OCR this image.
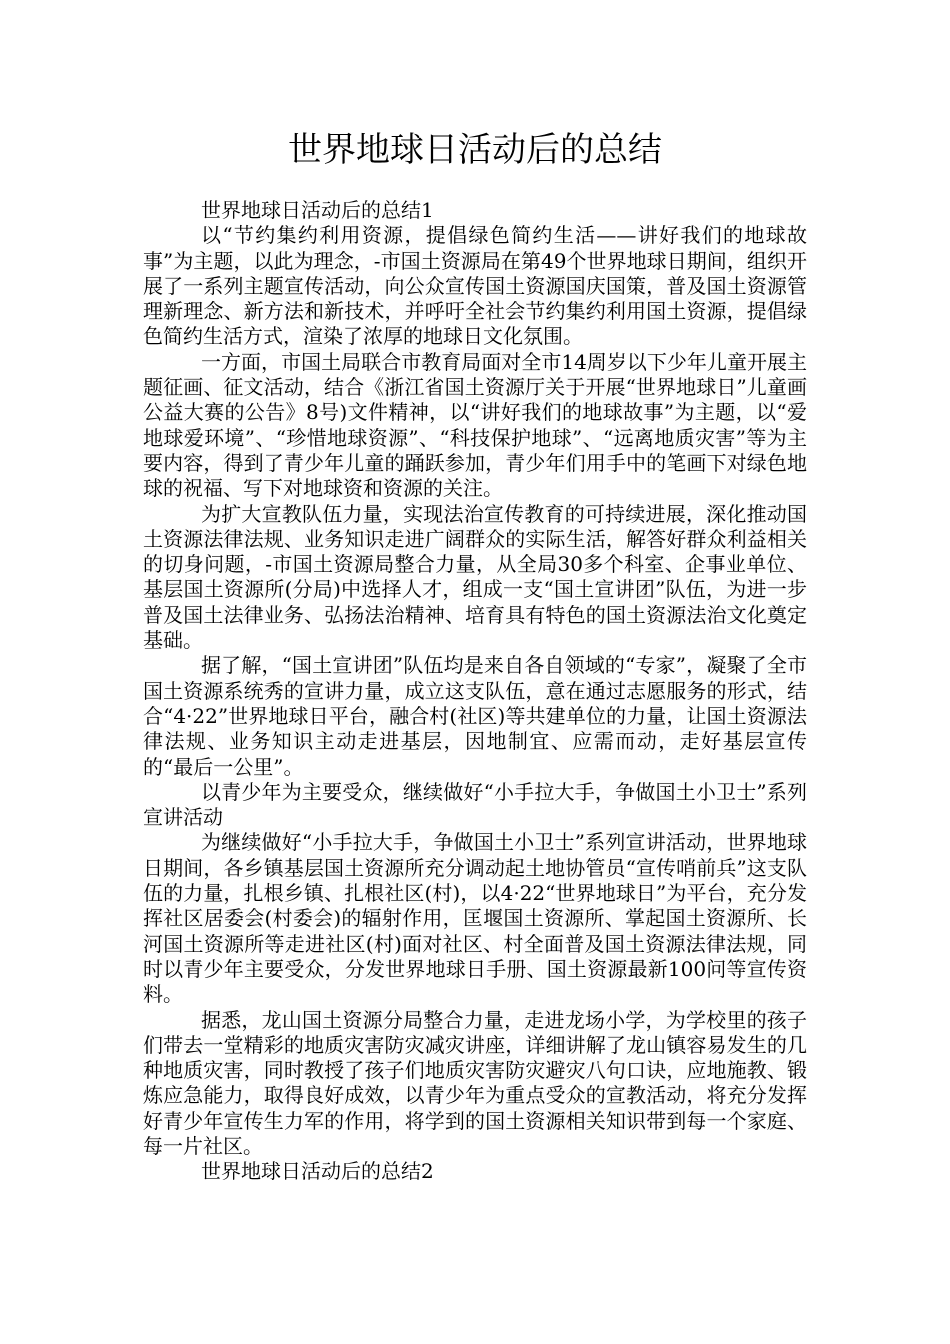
世界地球日活动后的总结

世界地球日活动后的总结1

以“节约集约利用资源，提倡绿色简约生活——讲好我们的地球故事”为主题，以此为理念，-市国土资源局在第49个世界地球日期间，组织开展了一系列主题宣传活动，向公众宣传国土资源国庆国策，普及国土资源管理新理念、新方法和新技术，并呼吁全社会节约集约利用国土资源，提倡绿色简约生活方式，渲染了浓厚的地球日文化氛围。

一方面，市国土局联合市教育局面对全市14周岁以下少年儿童开展主题征画、征文活动，结合《浙江省国土资源厅关于开展“世界地球日”儿童画公益大赛的公告》8号)文件精神，以“讲好我们的地球故事”为主题，以“爱地球爱环境”、“珍惜地球资源”、“科技保护地球”、“远离地质灾害”等为主要内容，得到了青少年儿童的踊跃参加，青少年们用手中的笔画下对绿色地球的祝福、写下对地球资和资源的关注。

为扩大宣教队伍力量，实现法治宣传教育的可持续进展，深化推动国土资源法律法规、业务知识走进广阔群众的实际生活，解答好群众利益相关的切身问题，-市国土资源局整合力量，从全局30多个科室、企事业单位、基层国土资源所(分局)中选择人才，组成一支“国土宣讲团”队伍，为进一步普及国土法律业务、弘扬法治精神、培育具有特色的国土资源法治文化奠定基础。

据了解，“国土宣讲团”队伍均是来自各自领域的“专家”，凝聚了全市国土资源系统秀的宣讲力量，成立这支队伍，意在通过志愿服务的形式，结合“4·22”世界地球日平台，融合村(社区)等共建单位的力量，让国土资源法律法规、业务知识主动走进基层，因地制宜、应需而动，走好基层宣传的“最后一公里”。

以青少年为主要受众，继续做好“小手拉大手，争做国土小卫士”系列宣讲活动

为继续做好“小手拉大手，争做国土小卫士”系列宣讲活动，世界地球日期间，各乡镇基层国土资源所充分调动起土地协管员“宣传哨前兵”这支队伍的力量，扎根乡镇、扎根社区(村)，以4·22“世界地球日”为平台，充分发挥社区居委会(村委会)的辐射作用，匡堰国土资源所、掌起国土资源所、长河国土资源所等走进社区(村)面对社区、村全面普及国土资源法律法规，同时以青少年主要受众，分发世界地球日手册、国土资源最新100问等宣传资料。

据悉，龙山国土资源分局整合力量，走进龙场小学，为学校里的孩子们带去一堂精彩的地质灾害防灾减灾讲座，详细讲解了龙山镇容易发生的几种地质灾害，同时教授了孩子们地质灾害防灾避灾八句口诀，应地施教、锻炼应急能力，取得良好成效，以青少年为重点受众的宣教活动，将充分发挥好青少年宣传生力军的作用，将学到的国土资源相关知识带到每一个家庭、每一片社区。

世界地球日活动后的总结2
